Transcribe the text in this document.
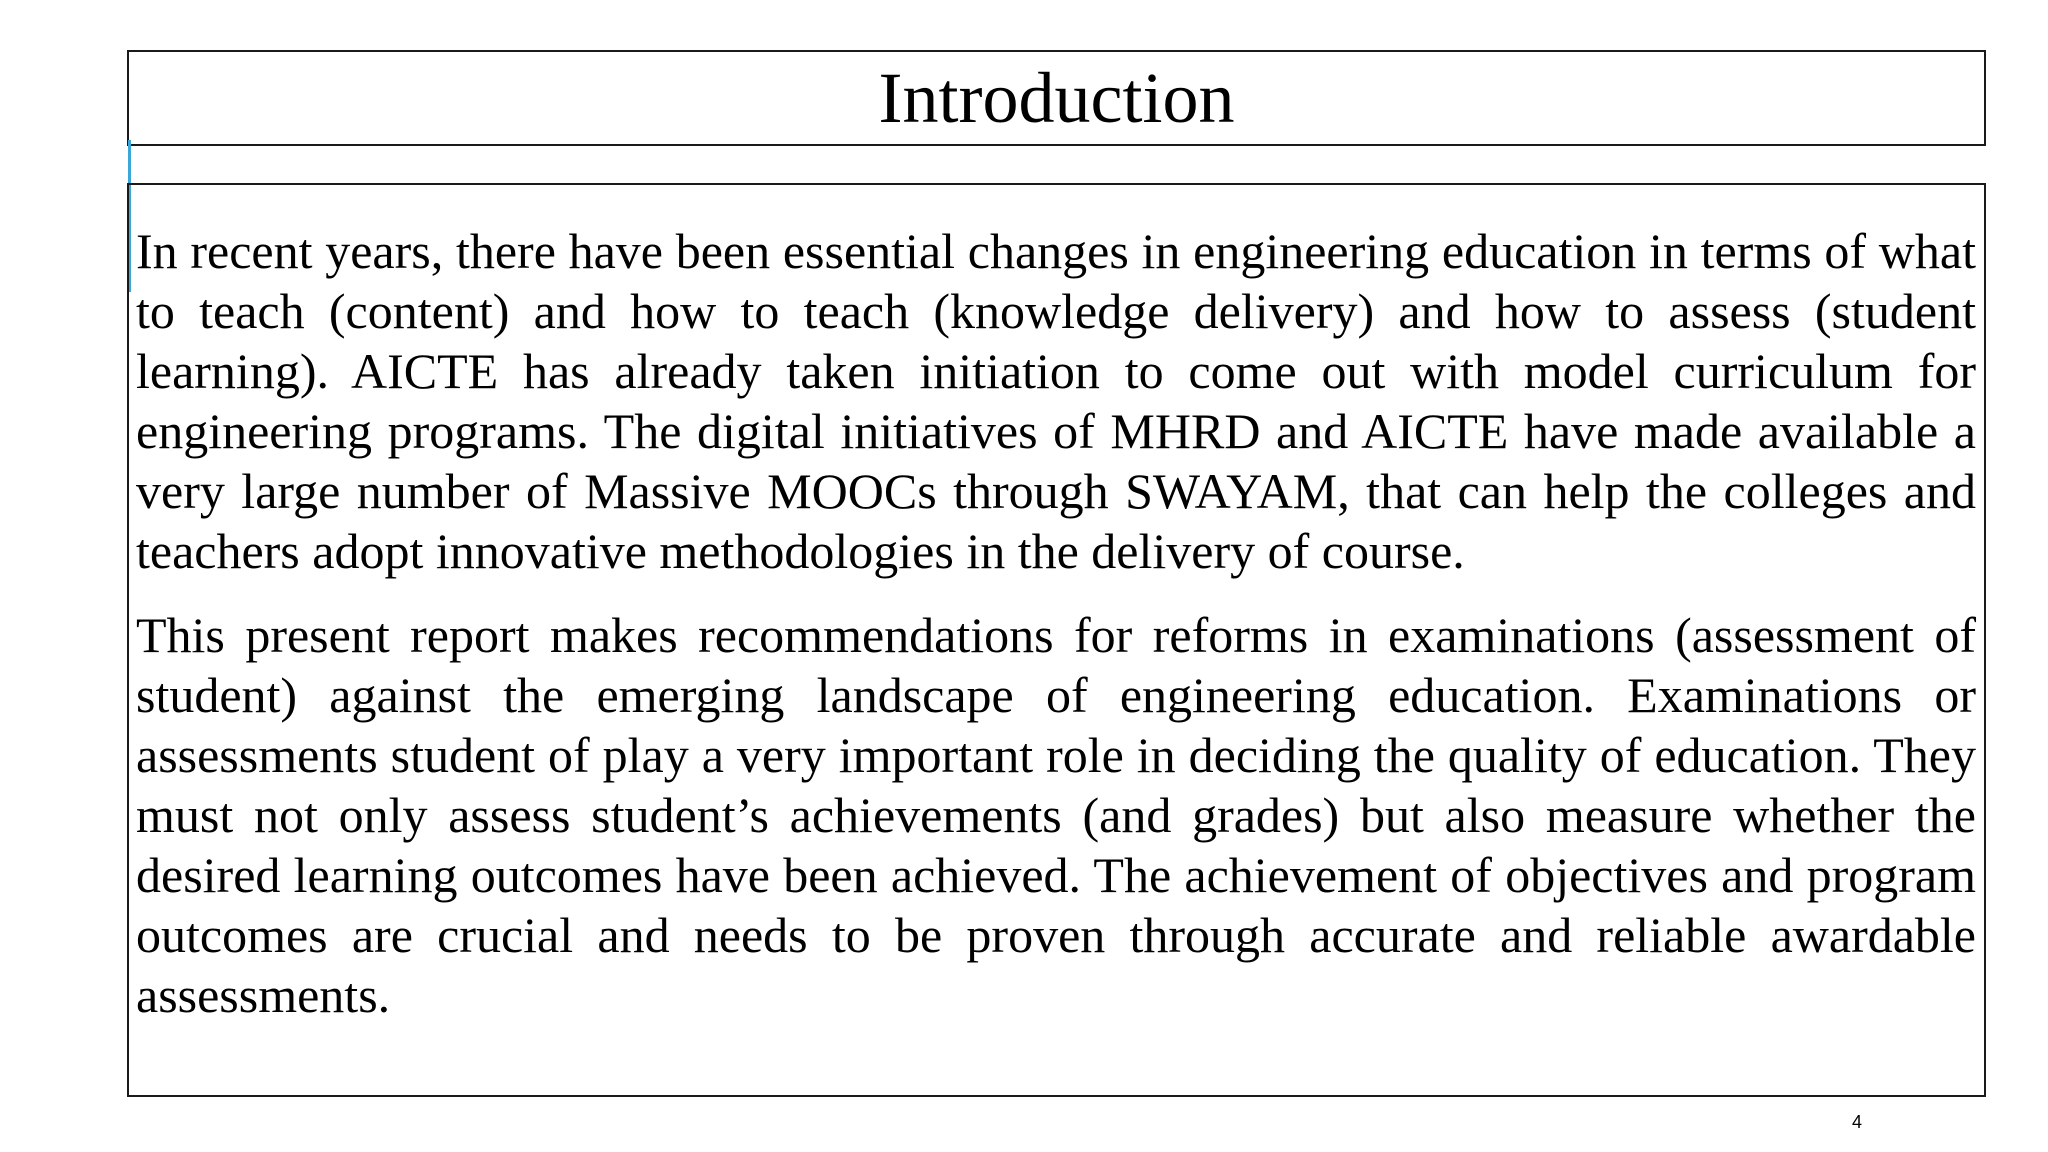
Introduction

In recent years, there have been essential changes in engineering education in terms of what to teach (content) and how to teach (knowledge delivery) and how to assess (student learning). AICTE has already taken initiation to come out with model curriculum for engineering programs. The digital initiatives of MHRD and AICTE have made available a very large number of Massive MOOCs through SWAYAM, that can help the colleges and teachers adopt innovative methodologies in the delivery of course.

This present report makes recommendations for reforms in examinations (assessment of student) against the emerging landscape of engineering education. Examinations or assessments student of play a very important role in deciding the quality of education. They must not only assess student’s achievements (and grades) but also measure whether the desired learning outcomes have been achieved. The achievement of objectives and program outcomes are crucial and needs to be proven through accurate and reliable awardable assessments.

4
